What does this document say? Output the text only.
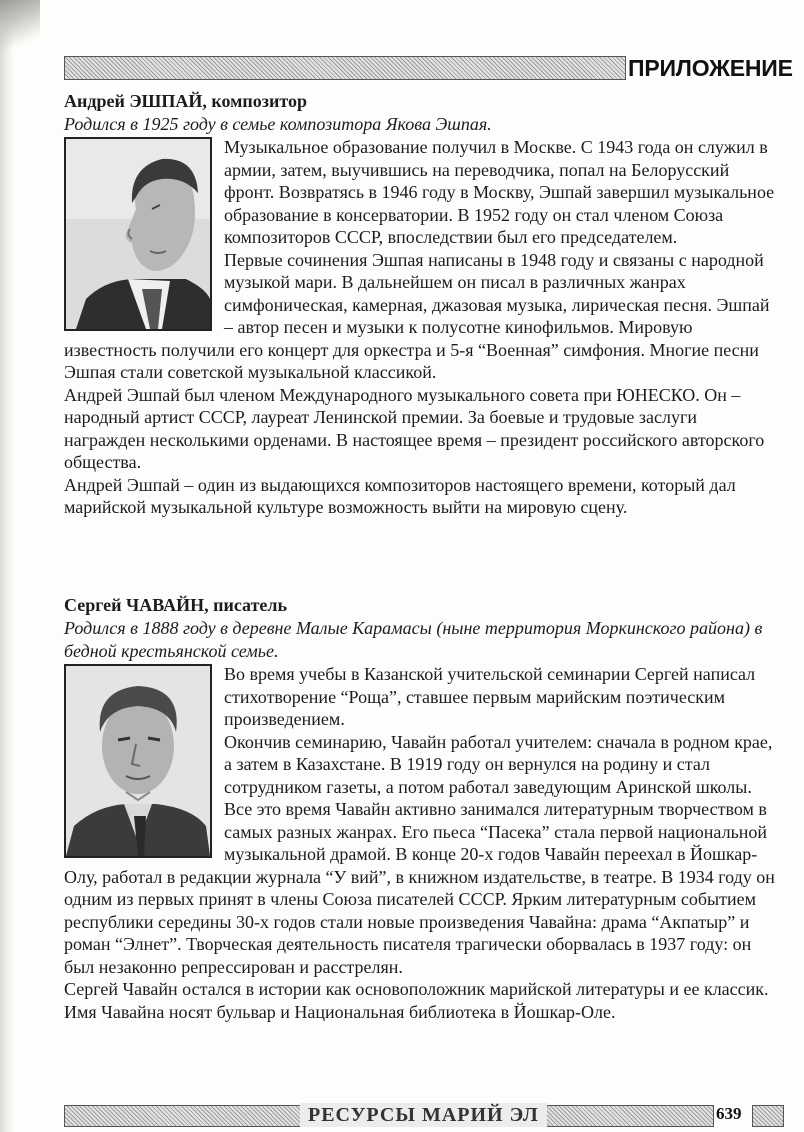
ПРИЛОЖЕНИЕ

Андрей ЭШПАЙ, композитор

Родился в 1925 году в семье композитора Якова Эшпая.

Музыкальное образование получил в Москве. С 1943 года он служил в армии, затем, выучившись на переводчика, попал на Белорусский фронт. Возвратясь в 1946 году в Москву, Эшпай завершил музыкальное образование в консерватории. В 1952 году он стал членом Союза композиторов СССР, впоследствии был его председателем.

Первые сочинения Эшпая написаны в 1948 году и связаны с народной музыкой мари. В дальнейшем он писал в различных жанрах симфоническая, камерная, джазовая музыка, лирическая песня. Эшпай – автор песен и музыки к полусотне кинофильмов. Мировую известность получили его концерт для оркестра и 5-я “Военная” симфония. Многие песни Эшпая стали советской музыкальной классикой.

Андрей Эшпай был членом Международного музыкального совета при ЮНЕСКО. Он – народный артист СССР, лауреат Ленинской премии. За боевые и трудовые заслуги награжден несколькими орденами. В настоящее время – президент российского авторского общества.

Андрей Эшпай – один из выдающихся композиторов настоящего времени, который дал марийской музыкальной культуре возможность выйти на мировую сцену.

Сергей ЧАВАЙН, писатель

Родился в 1888 году в деревне Малые Карамасы (ныне территория Моркинского района) в бедной крестьянской семье.

Во время учебы в Казанской учительской семинарии Сергей написал стихотворение “Роща”, ставшее первым марийским поэтическим произведением.

Окончив семинарию, Чавайн работал учителем: сначала в родном крае, а затем в Казахстане. В 1919 году он вернулся на родину и стал сотрудником газеты, а потом работал заведующим Аринской школы. Все это время Чавайн активно занимался литературным творчеством в самых разных жанрах. Его пьеса “Пасека” стала первой национальной музыкальной драмой. В конце 20-х годов Чавайн переехал в Йошкар-Олу, работал в редакции журнала “У вий”, в книжном издательстве, в театре. В 1934 году он одним из первых принят в члены Союза писателей СССР. Ярким литературным событием республики середины 30-х годов стали новые произведения Чавайна: драма “Акпатыр” и роман “Элнет”. Творческая деятельность писателя трагически оборвалась в 1937 году: он был незаконно репрессирован и расстрелян.

Сергей Чавайн остался в истории как основоположник марийской литературы и ее классик. Имя Чавайна носят бульвар и Национальная библиотека в Йошкар-Оле.

РЕСУРСЫ МАРИЙ ЭЛ	639
